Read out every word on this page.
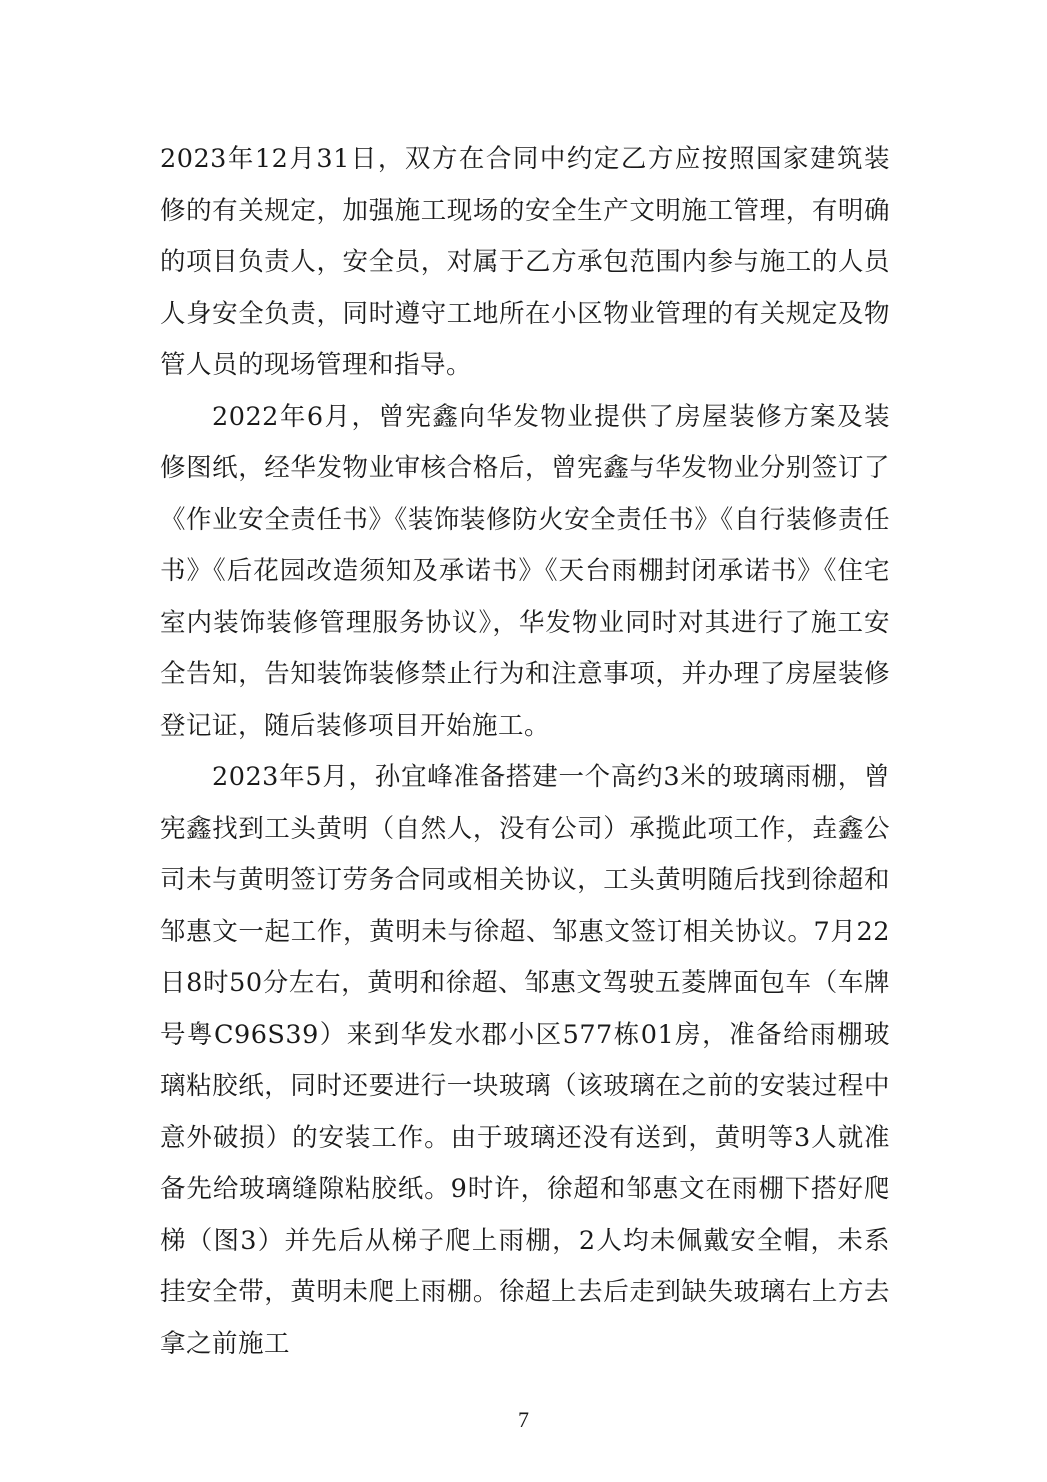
2023年12月31日，双方在合同中约定乙方应按照国家建筑装修的有关规定，加强施工现场的安全生产文明施工管理，有明确的项目负责人，安全员，对属于乙方承包范围内参与施工的人员人身安全负责，同时遵守工地所在小区物业管理的有关规定及物管人员的现场管理和指导。

2022年6月，曾宪鑫向华发物业提供了房屋装修方案及装修图纸，经华发物业审核合格后，曾宪鑫与华发物业分别签订了《作业安全责任书》《装饰装修防火安全责任书》《自行装修责任书》《后花园改造须知及承诺书》《天台雨棚封闭承诺书》《住宅室内装饰装修管理服务协议》，华发物业同时对其进行了施工安全告知，告知装饰装修禁止行为和注意事项，并办理了房屋装修登记证，随后装修项目开始施工。

2023年5月，孙宜峰准备搭建一个高约3米的玻璃雨棚，曾宪鑫找到工头黄明（自然人，没有公司）承揽此项工作，垚鑫公司未与黄明签订劳务合同或相关协议，工头黄明随后找到徐超和邹惠文一起工作，黄明未与徐超、邹惠文签订相关协议。7月22日8时50分左右，黄明和徐超、邹惠文驾驶五菱牌面包车（车牌号粤C96S39）来到华发水郡小区577栋01房，准备给雨棚玻璃粘胶纸，同时还要进行一块玻璃（该玻璃在之前的安装过程中意外破损）的安装工作。由于玻璃还没有送到，黄明等3人就准备先给玻璃缝隙粘胶纸。9时许，徐超和邹惠文在雨棚下搭好爬梯（图3）并先后从梯子爬上雨棚，2人均未佩戴安全帽，未系挂安全带，黄明未爬上雨棚。徐超上去后走到缺失玻璃右上方去拿之前施工

7
